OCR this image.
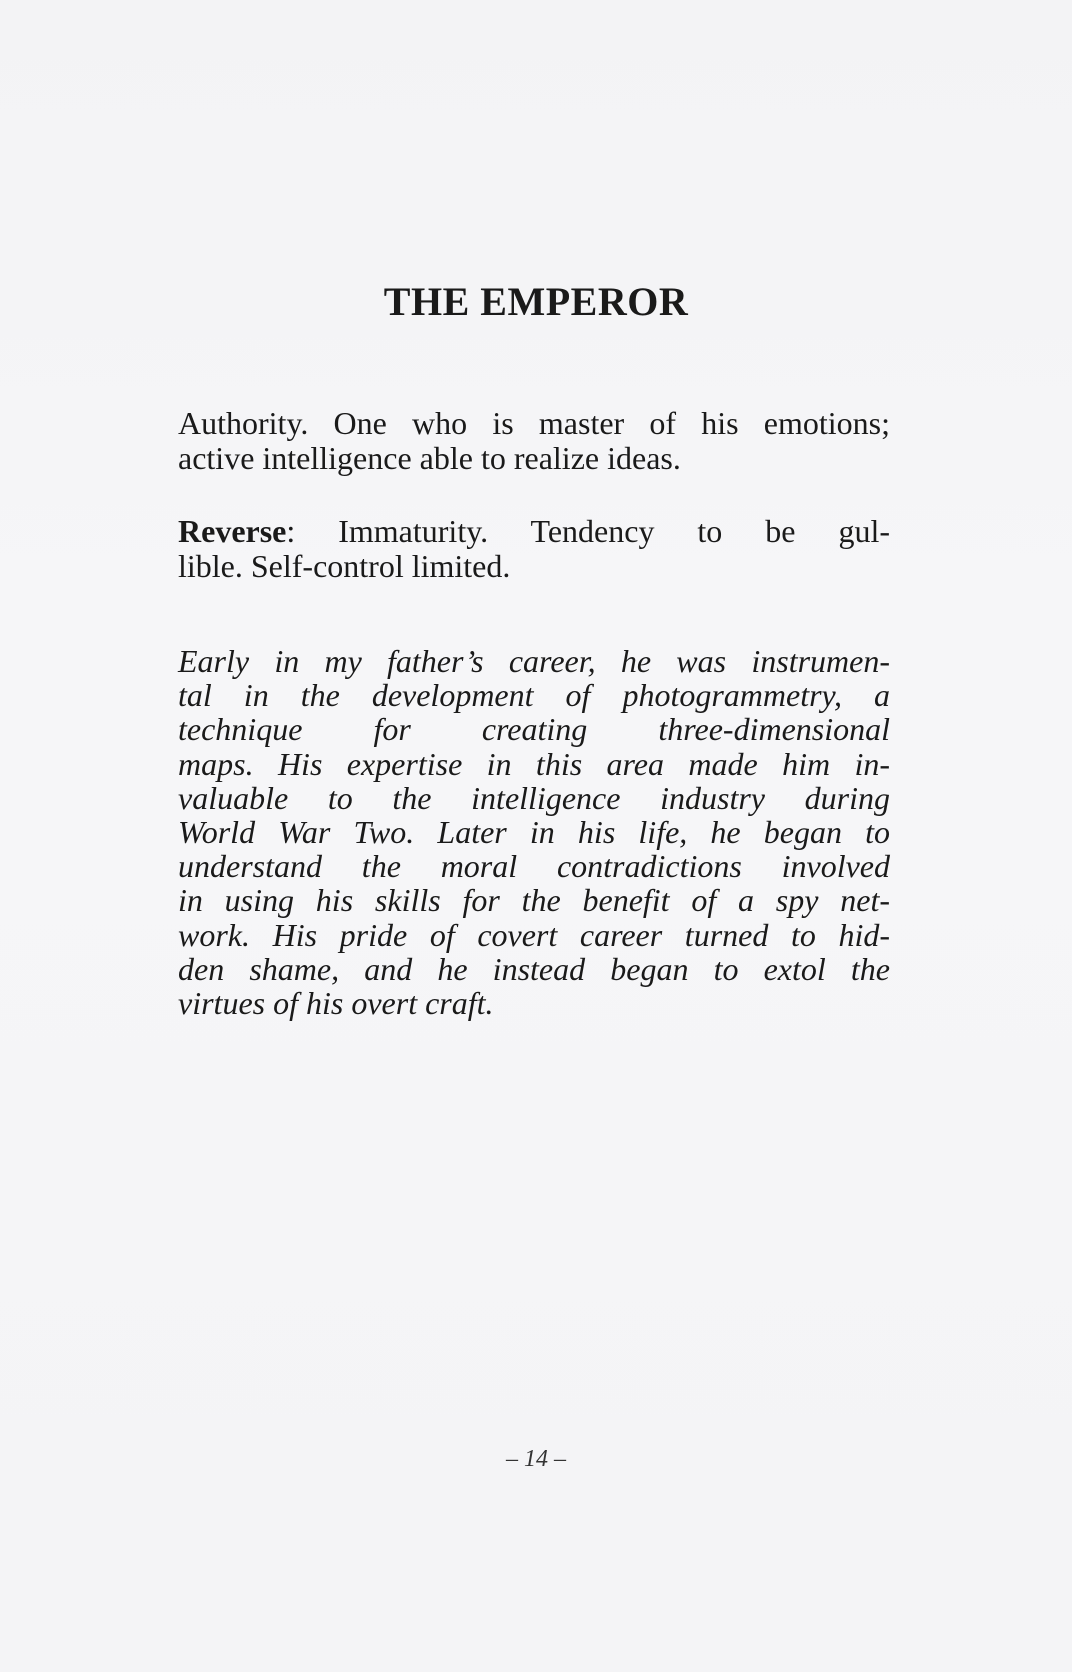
THE EMPEROR
Authority. One who is master of his emotions;
active intelligence able to realize ideas.
Reverse: Immaturity. Tendency to be gul-
lible. Self-control limited.
Early in my father’s career, he was instrumen-
tal in the development of photogrammetry, a
technique for creating three-dimensional
maps. His expertise in this area made him in-
valuable to the intelligence industry during
World War Two. Later in his life, he began to
understand the moral contradictions involved
in using his skills for the benefit of a spy net-
work. His pride of covert career turned to hid-
den shame, and he instead began to extol the
virtues of his overt craft.
– 14 –
